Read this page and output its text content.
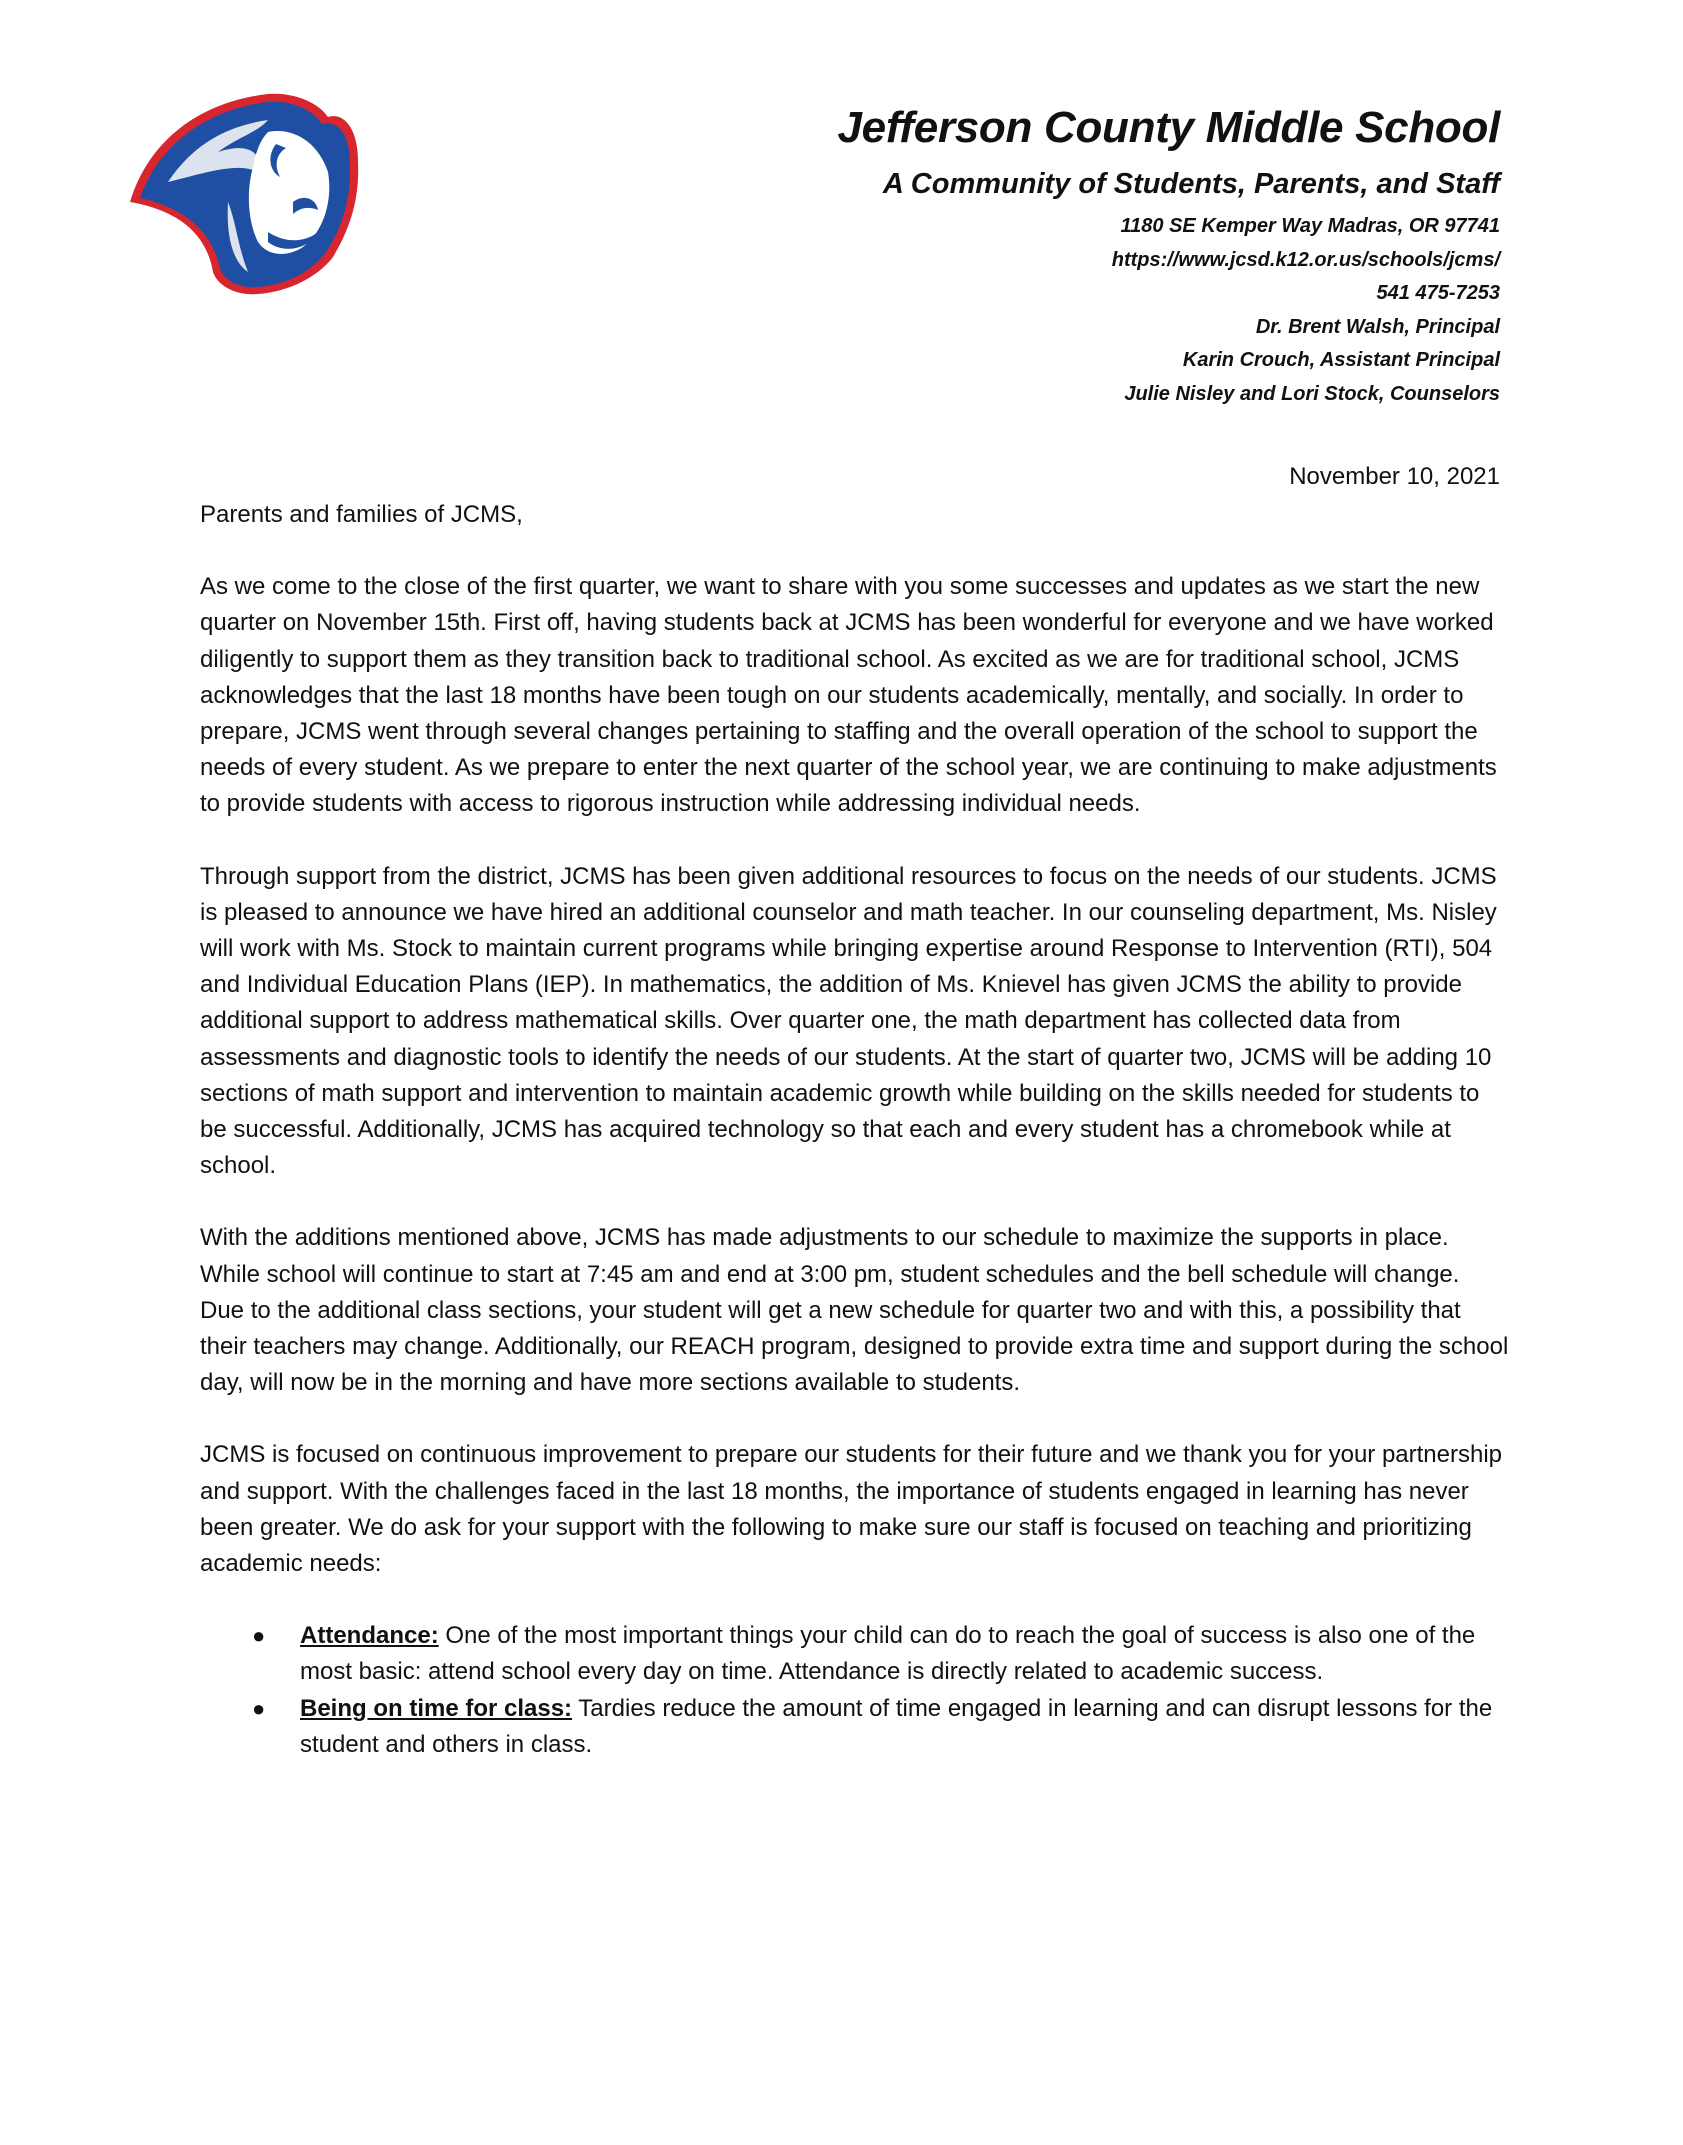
Jefferson County Middle School
A Community of Students, Parents, and Staff
1180 SE Kemper Way Madras, OR 97741
https://www.jcsd.k12.or.us/schools/jcms/
541 475-7253
Dr. Brent Walsh, Principal
Karin Crouch, Assistant Principal
Julie Nisley and Lori Stock, Counselors
November 10, 2021

Parents and families of JCMS,

As we come to the close of the first quarter, we want to share with you some successes and updates as we start the new quarter on November 15th. First off, having students back at JCMS has been wonderful for everyone and we have worked diligently to support them as they transition back to traditional school. As excited as we are for traditional school, JCMS acknowledges that the last 18 months have been tough on our students academically, mentally, and socially. In order to prepare, JCMS went through several changes pertaining to staffing and the overall operation of the school to support the needs of every student. As we prepare to enter the next quarter of the school year, we are continuing to make adjustments to provide students with access to rigorous instruction while addressing individual needs.

Through support from the district, JCMS has been given additional resources to focus on the needs of our students. JCMS is pleased to announce we have hired an additional counselor and math teacher. In our counseling department, Ms. Nisley will work with Ms. Stock to maintain current programs while bringing expertise around Response to Intervention (RTI), 504 and Individual Education Plans (IEP). In mathematics, the addition of Ms. Knievel has given JCMS the ability to provide additional support to address mathematical skills. Over quarter one, the math department has collected data from assessments and diagnostic tools to identify the needs of our students. At the start of quarter two, JCMS will be adding 10 sections of math support and intervention to maintain academic growth while building on the skills needed for students to be successful. Additionally, JCMS has acquired technology so that each and every student has a chromebook while at school.

With the additions mentioned above, JCMS has made adjustments to our schedule to maximize the supports in place. While school will continue to start at 7:45 am and end at 3:00 pm, student schedules and the bell schedule will change. Due to the additional class sections, your student will get a new schedule for quarter two and with this, a possibility that their teachers may change. Additionally, our REACH program, designed to provide extra time and support during the school day, will now be in the morning and have more sections available to students.

JCMS is focused on continuous improvement to prepare our students for their future and we thank you for your partnership and support. With the challenges faced in the last 18 months, the importance of students engaged in learning has never been greater. We do ask for your support with the following to make sure our staff is focused on teaching and prioritizing academic needs:

● Attendance: One of the most important things your child can do to reach the goal of success is also one of the most basic: attend school every day on time. Attendance is directly related to academic success.
● Being on time for class: Tardies reduce the amount of time engaged in learning and can disrupt lessons for the student and others in class.
